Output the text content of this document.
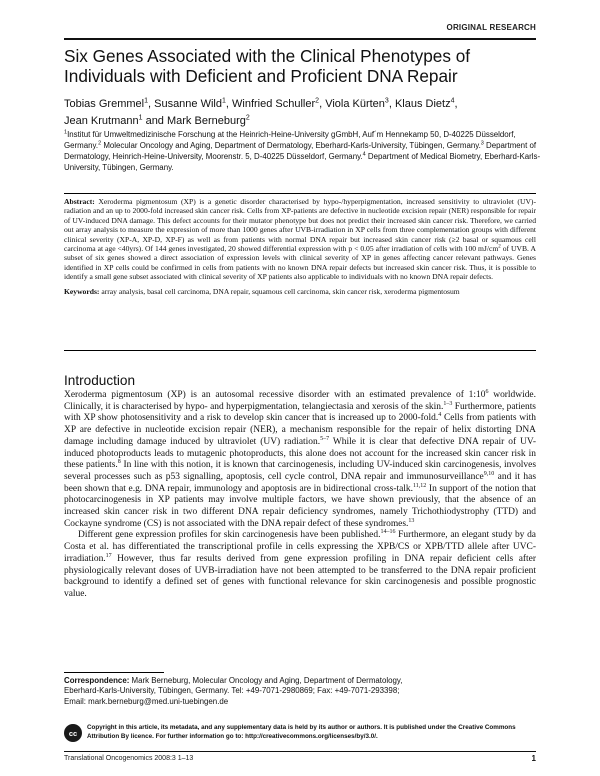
ORIGINAL RESEARCH
Six Genes Associated with the Clinical Phenotypes of Individuals with Deficient and Proficient DNA Repair
Tobias Gremmel$^1$, Susanne Wild$^1$, Winfried Schuller$^2$, Viola Kürten$^3$, Klaus Dietz$^4$,
Jean Krutmann$^1$ and Mark Berneburg$^2$
$^1$Institut für Umweltmedizinische Forschung at the Heinrich-Heine-University gGmbH, Auf´m Hennekamp 50, D-40225 Düsseldorf, Germany.$^2$ Molecular Oncology and Aging, Department of Dermatology, Eberhard-Karls-University, Tübingen, Germany.$^3$ Department of Dermatology, Heinrich-Heine-University, Moorenstr. 5, D-40225 Düsseldorf, Germany.$^4$ Department of Medical Biometry, Eberhard-Karls-University, Tübingen, Germany.

Abstract: Xeroderma pigmentosum (XP) is a genetic disorder characterised by hypo-/hyperpigmentation, increased sensitivity to ultraviolet (UV)-radiation and an up to 2000-fold increased skin cancer risk. Cells from XP-patients are defective in nucleotide excision repair (NER) responsible for repair of UV-induced DNA damage. This defect accounts for their mutator phenotype but does not predict their increased skin cancer risk. Therefore, we carried out array analysis to measure the expression of more than 1000 genes after UVB-irradiation in XP cells from three complementation groups with different clinical severity (XP-A, XP-D, XP-F) as well as from patients with normal DNA repair but increased skin cancer risk (≥2 basal or squamous cell carcinoma at age <40yrs). Of 144 genes investigated, 20 showed differential expression with p < 0.05 after irradiation of cells with 100 $mJ/cm^2$ of UVB. A subset of six genes showed a direct association of expression levels with clinical severity of XP in genes affecting cancer relevant pathways. Genes identified in XP cells could be confirmed in cells from patients with no known DNA repair defects but increased skin cancer risk. Thus, it is possible to identify a small gene subset associated with clinical severity of XP patients also applicable to individuals with no known DNA repair defects.

Keywords: array analysis, basal cell carcinoma, DNA repair, squamous cell carcinoma, skin cancer risk, xeroderma pigmentosum

Introduction

Xeroderma pigmentosum (XP) is an autosomal recessive disorder with an estimated prevalence of $1:10^6$ worldwide. Clinically, it is characterised by hypo- and hyperpigmentation, telangiectasia and xerosis of the skin.$^{1-3}$ Furthermore, patients with XP show photosensitivity and a risk to develop skin cancer that is increased up to 2000-fold.$^4$ Cells from patients with XP are defective in nucleotide excision repair (NER), a mechanism responsible for the repair of helix distorting DNA damage including damage induced by ultraviolet (UV) radiation.$^{5-7}$ While it is clear that defective DNA repair of UV-induced photoproducts leads to mutagenic photoproducts, this alone does not account for the increased skin cancer risk in these patients.$^8$ In line with this notion, it is known that carcinogenesis, including UV-induced skin carcinogenesis, involves several processes such as p53 signalling, apoptosis, cell cycle control, DNA repair and immunosurveillance$^{9,10}$ and it has been shown that e.g. DNA repair, immunology and apoptosis are in bidirectional cross-talk.$^{11,12}$ In support of the notion that photocarcinogenesis in XP patients may involve multiple factors, we have shown previously, that the absence of an increased skin cancer risk in two different DNA repair deficiency syndromes, namely Trichothiodystrophy (TTD) and Cockayne syndrome (CS) is not associated with the DNA repair defect of these syndromes.$^{13}$

Different gene expression profiles for skin carcinogenesis have been published.$^{14-16}$ Furthermore, an elegant study by da Costa et al. has differentiated the transcriptional profile in cells expressing the XPB/CS or XPB/TTD allele after UVC-irradiation.$^{17}$ However, thus far results derived from gene expression profiling in DNA repair deficient cells after physiologically relevant doses of UVB-irradiation have not been attempted to be transferred to the DNA repair proficient background to identify a defined set of genes with functional relevance for skin carcinogenesis and possible prognostic value.

Correspondence: Mark Berneburg, Molecular Oncology and Aging, Department of Dermatology,
Eberhard-Karls-University, Tübingen, Germany. Tel: +49-7071-2980869; Fax: +49-7071-293398;
Email: mark.berneburg@med.uni-tuebingen.de
cc
Copyright in this article, its metadata, and any supplementary data is held by its author or authors. It is published under the Creative Commons Attribution By licence. For further information go to: http://creativecommons.org/licenses/by/3.0/.
Translational Oncogenomics 2008:3 1–13	1
